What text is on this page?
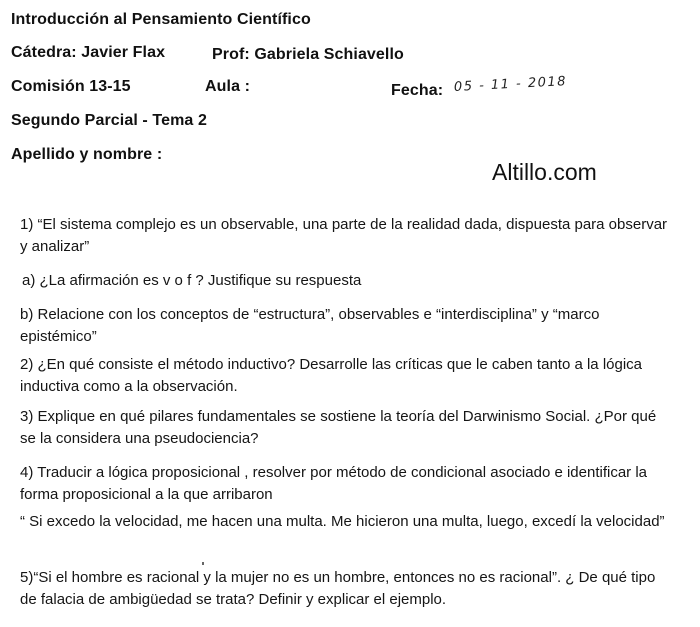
Introducción al Pensamiento Científico
Cátedra: Javier Flax	Prof: Gabriela Schiavello
Comisión 13-15	Aula :	Fecha: 05 - 11 - 2018
Segundo Parcial - Tema 2
Apellido y nombre :
Altillo.com
1) “El sistema complejo es un observable, una parte de la realidad dada, dispuesta para observar y analizar”
a) ¿La afirmación es v o f ? Justifique su respuesta
b) Relacione con los conceptos de “estructura”, observables e “interdisciplina” y “marco epistémico”
2) ¿En qué consiste el método inductivo? Desarrolle las críticas que le caben tanto a la lógica inductiva como a la observación.
3) Explique en qué pilares fundamentales se sostiene la teoría del Darwinismo Social. ¿Por qué se la considera una pseudociencia?
4) Traducir a lógica proposicional , resolver por método de condicional asociado e identificar la forma proposicional a la que arribaron
“ Si excedo la velocidad, me hacen una multa. Me hicieron una multa, luego, excedí la velocidad”
5)“Si el hombre es racional y la mujer no es un hombre, entonces no es racional”. ¿ De qué tipo de falacia de ambigüedad se trata? Definir y explicar el ejemplo.
